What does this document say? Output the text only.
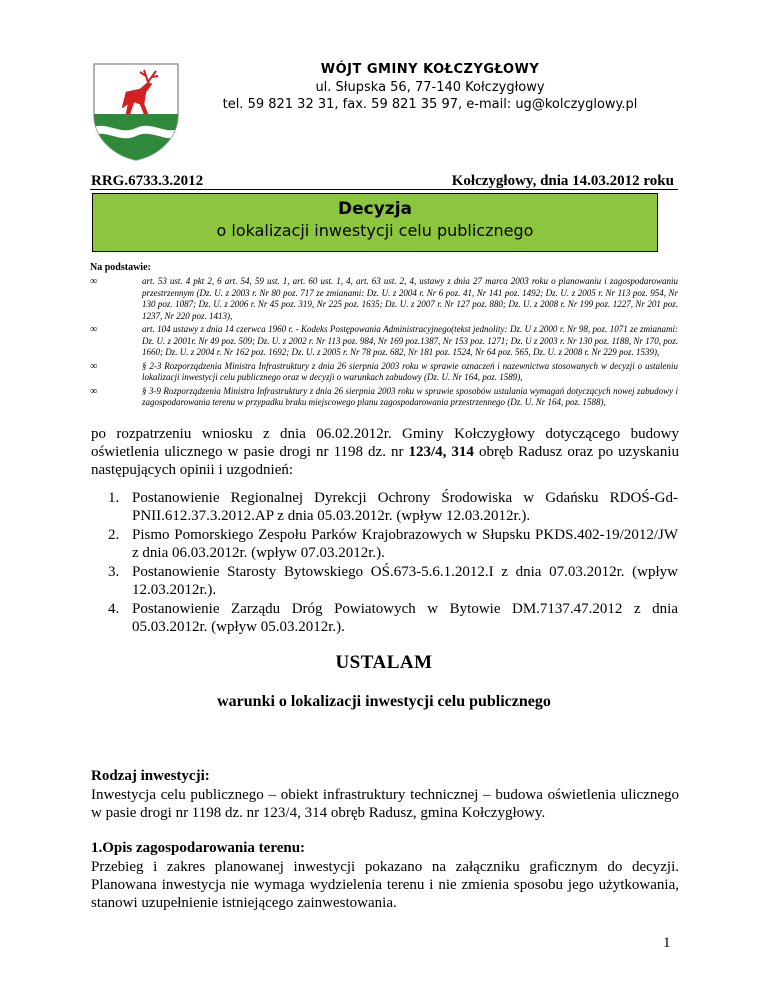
WÓJT GMINY KOŁCZYGŁOWY
ul. Słupska 56, 77-140 Kołczygłowy
tel. 59 821 32 31, fax. 59 821 35 97, e-mail: ug@kolczyglowy.pl
RRG.6733.3.2012	Kołczygłowy, dnia 14.03.2012 roku
Decyzja
o lokalizacji inwestycji celu publicznego
Na podstawie:
∞	art. 53 ust. 4 pkt 2, 6 art. 54, 59 ust. 1, art. 60 ust. 1, 4, art. 63 ust. 2, 4, ustawy z dnia 27 marca 2003 roku o planowaniu i zagospodarowaniu przestrzennym (Dz. U. z 2003 r. Nr 80 poz. 717 ze zmianami: Dz. U. z 2004 r. Nr 6 poz. 41, Nr 141 poz. 1492; Dz. U. z 2005 r. Nr 113 poz. 954, Nr 130 poz. 1087; Dz. U. z 2006 r. Nr 45 poz. 319, Nr 225 poz. 1635; Dz. U. z 2007 r. Nr 127 poz. 880; Dz. U. z 2008 r. Nr 199 poz. 1227, Nr 201 poz. 1237, Nr 220 poz. 1413),
∞	art. 104 ustawy z dnia 14 czerwca 1960 r. - Kodeks Postępowania Administracyjnego(tekst jednolity: Dz. U z 2000 r. Nr 98, poz. 1071 ze zmianami: Dz. U. z 2001r. Nr 49 poz. 509; Dz. U. z 2002 r. Nr 113 poz. 984, Nr 169 poz.1387, Nr 153 poz. 1271; Dz. U z 2003 r. Nr 130 poz. 1188, Nr 170, poz. 1660; Dz. U. z 2004 r. Nr 162 poz. 1692; Dz. U. z 2005 r. Nr 78 poz. 682, Nr 181 poz. 1524, Nr 64 poz. 565, Dz. U. z 2008 r. Nr 229 poz. 1539),
∞	§ 2-3 Rozporządzenia Ministra Infrastruktury z dnia 26 sierpnia 2003 roku w sprawie oznaczeń i nazewnictwa stosowanych w decyzji o ustaleniu lokalizacji inwestycji celu publicznego oraz w decyzji o warunkach zabudowy (Dz. U. Nr 164, poz. 1589),
∞	§ 3-9 Rozporządzenia Ministra Infrastruktury z dnia 26 sierpnia 2003 roku w sprawie sposobów ustalania wymagań dotyczących nowej zabudowy i zagospodarowania terenu w przypadku braku miejscowego planu zagospodarowania przestrzennego (Dz. U. Nr 164, poz. 1588),
po rozpatrzeniu wniosku z dnia 06.02.2012r. Gminy Kołczygłowy dotyczącego budowy oświetlenia ulicznego w pasie drogi nr 1198 dz. nr 123/4, 314 obręb Radusz oraz po uzyskaniu następujących opinii i uzgodnień:
1. Postanowienie Regionalnej Dyrekcji Ochrony Środowiska w Gdańsku RDOŚ-Gd-PNII.612.37.3.2012.AP z dnia 05.03.2012r. (wpływ 12.03.2012r.).
2. Pismo Pomorskiego Zespołu Parków Krajobrazowych w Słupsku PKDS.402-19/2012/JW z dnia 06.03.2012r. (wpływ 07.03.2012r.).
3. Postanowienie Starosty Bytowskiego OŚ.673-5.6.1.2012.I z dnia 07.03.2012r. (wpływ 12.03.2012r.).
4. Postanowienie Zarządu Dróg Powiatowych w Bytowie DM.7137.47.2012 z dnia 05.03.2012r. (wpływ 05.03.2012r.).
USTALAM
warunki o lokalizacji inwestycji celu publicznego
Rodzaj inwestycji:
Inwestycja celu publicznego – obiekt infrastruktury technicznej – budowa oświetlenia ulicznego w pasie drogi nr 1198 dz. nr 123/4, 314 obręb Radusz, gmina Kołczygłowy.
1.Opis zagospodarowania terenu:
Przebieg i zakres planowanej inwestycji pokazano na załączniku graficznym do decyzji. Planowana inwestycja nie wymaga wydzielenia terenu i nie zmienia sposobu jego użytkowania, stanowi uzupełnienie istniejącego zainwestowania.
1
